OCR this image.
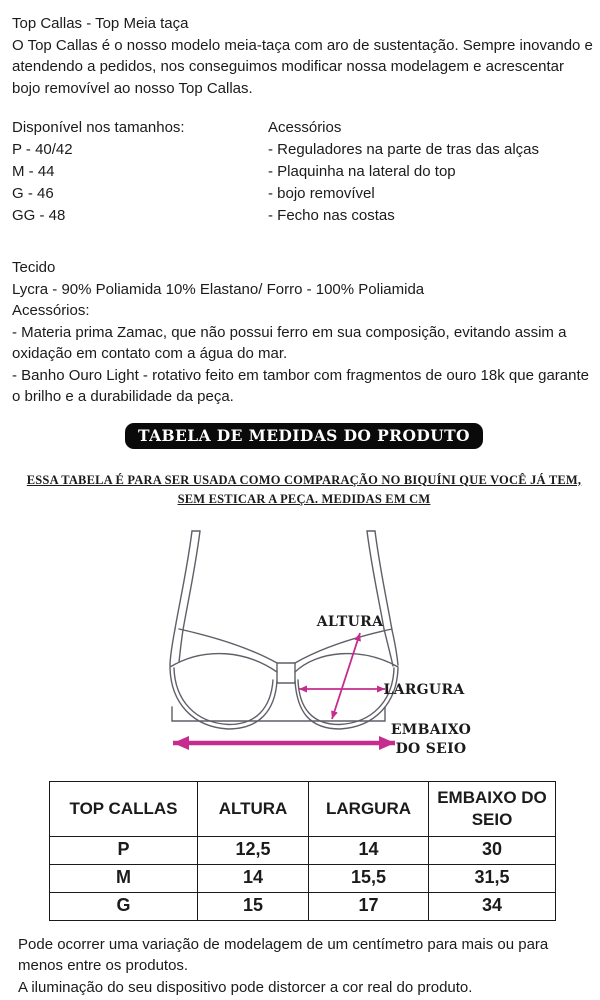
Top Callas - Top Meia taça
O Top Callas é o nosso modelo meia-taça com aro de sustentação. Sempre inovando e atendendo a pedidos, nos conseguimos modificar nossa modelagem e acrescentar bojo removível ao nosso Top Callas.
Disponível nos tamanhos:
P - 40/42
M - 44
G - 46
GG - 48
Acessórios
- Reguladores na parte de tras das alças
- Plaquinha na lateral do top
- bojo removível
- Fecho nas costas
Tecido
Lycra - 90% Poliamida 10% Elastano/ Forro - 100% Poliamida
Acessórios:
- Materia prima Zamac, que não possui ferro em sua composição, evitando assim a oxidação em contato com a água do mar.
- Banho Ouro Light - rotativo feito em tambor com fragmentos de ouro 18k que garante o brilho e a durabilidade da peça.
TABELA DE MEDIDAS DO PRODUTO
ESSA TABELA É PARA SER USADA COMO COMPARAÇÃO NO BIQUÍNI QUE VOCÊ JÁ TEM,
SEM ESTICAR A PEÇA. MEDIDAS EM CM
ALTURA
LARGURA
EMBAIXO
DO SEIO
TOP CALLAS	ALTURA	LARGURA	EMBAIXO DO SEIO
P	12,5	14	30
M	14	15,5	31,5
G	15	17	34
Pode ocorrer uma variação de modelagem de um centímetro para mais ou para menos entre os produtos.
A iluminação do seu dispositivo pode distorcer a cor real do produto.
